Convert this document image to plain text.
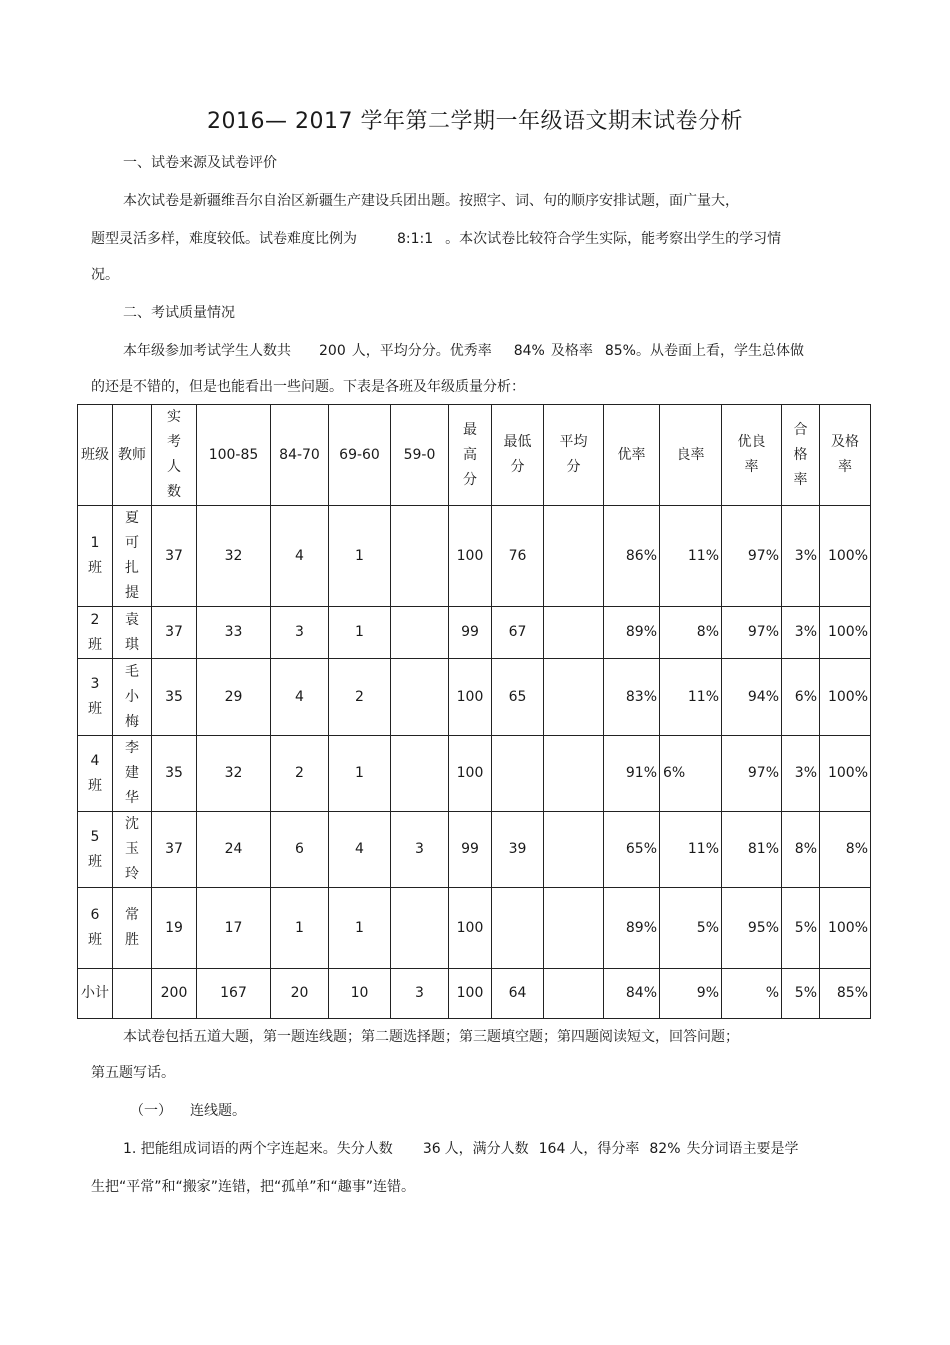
2016— 2017 学年第二学期一年级语文期末试卷分析
一、试卷来源及试卷评价
本次试卷是新疆维吾尔自治区新疆生产建设兵团出题。按照字、词、句的顺序安排试题，面广量大，
题型灵活多样，难度较低。试卷难度比例为	8:1:1 。本次试卷比较符合学生实际，能考察出学生的学习情
况。
二、考试质量情况
本年级参加考试学生人数共 200 人，平均分分。优秀率 84% 及格率 85%。从卷面上看，学生总体做
的还是不错的，但是也能看出一些问题。下表是各班及年级质量分析：
班级	教师	实考人数	100-85	84-70	69-60	59-0	最高分	最低分	平均分	优率	良率	优良率	合格率	及格率
1班	夏可扎提	37	32	4	1		100	76		86%	11%	97%	3%	100%
2班	袁琪	37	33	3	1		99	67		89%	8%	97%	3%	100%
3班	毛小梅	35	29	4	2		100	65		83%	11%	94%	6%	100%
4班	李建华	35	32	2	1		100			91%	6%	97%	3%	100%
5班	沈玉玲	37	24	6	4	3	99	39		65%	11%	81%	8%	8%
6班	常胜	19	17	1	1		100			89%	5%	95%	5%	100%
小计		200	167	20	10	3	100	64		84%	9%	%	5%	85%
本试卷包括五道大题，第一题连线题；第二题选择题；第三题填空题；第四题阅读短文，回答问题；
第五题写话。
（一） 连线题。
1. 把能组成词语的两个字连起来。失分人数 36 人，满分人数 164 人，得分率 82% 失分词语主要是学
生把“平常”和“搬家”连错，把“孤单”和“趣事”连错。
